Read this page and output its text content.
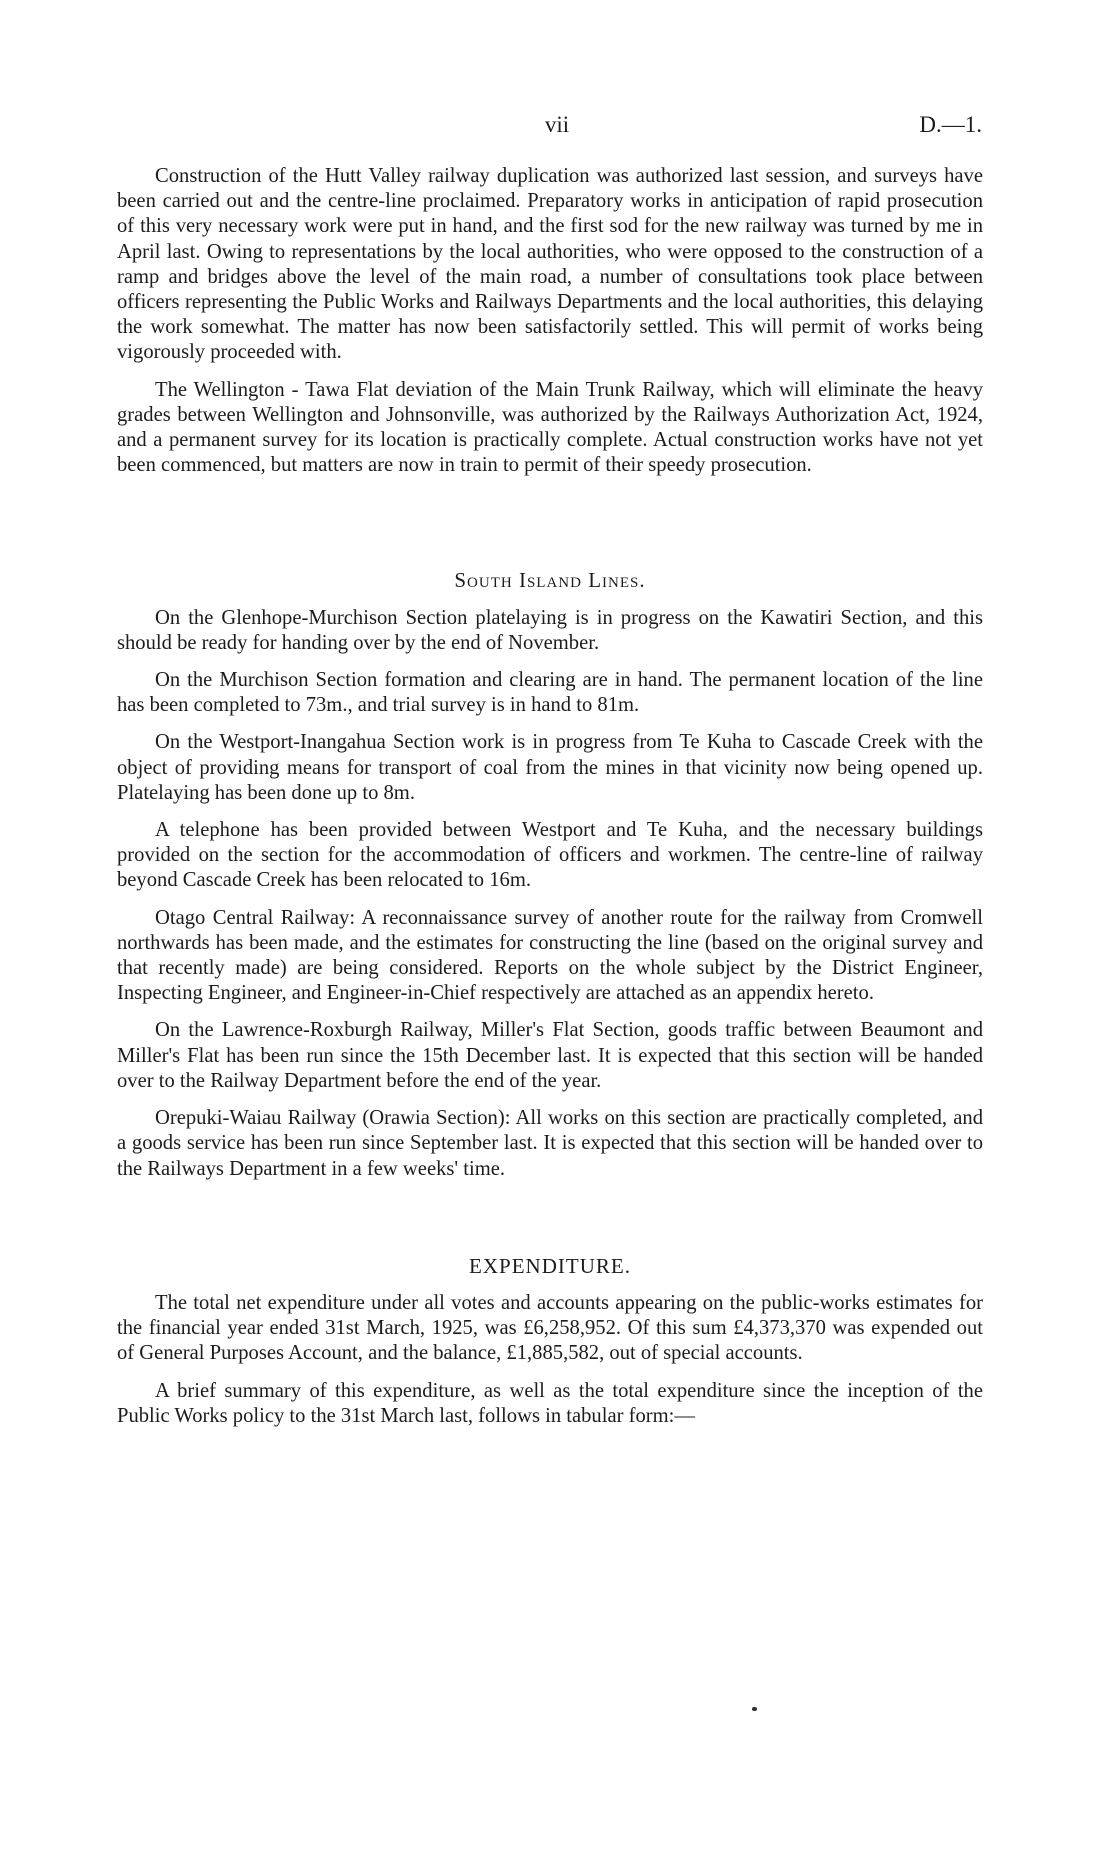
vii	D.—1.

Construction of the Hutt Valley railway duplication was authorized last session, and surveys have been carried out and the centre-line proclaimed. Preparatory works in anticipation of rapid prosecution of this very necessary work were put in hand, and the first sod for the new railway was turned by me in April last. Owing to representations by the local authorities, who were opposed to the construction of a ramp and bridges above the level of the main road, a number of consultations took place between officers representing the Public Works and Railways Departments and the local authorities, this delaying the work somewhat. The matter has now been satisfactorily settled. This will permit of works being vigorously proceeded with.

The Wellington - Tawa Flat deviation of the Main Trunk Railway, which will eliminate the heavy grades between Wellington and Johnsonville, was authorized by the Railways Authorization Act, 1924, and a permanent survey for its location is practically complete. Actual construction works have not yet been commenced, but matters are now in train to permit of their speedy prosecution.

South Island Lines.

On the Glenhope-Murchison Section platelaying is in progress on the Kawatiri Section, and this should be ready for handing over by the end of November.

On the Murchison Section formation and clearing are in hand. The permanent location of the line has been completed to 73m., and trial survey is in hand to 81m.

On the Westport-Inangahua Section work is in progress from Te Kuha to Cascade Creek with the object of providing means for transport of coal from the mines in that vicinity now being opened up. Platelaying has been done up to 8m.

A telephone has been provided between Westport and Te Kuha, and the necessary buildings provided on the section for the accommodation of officers and workmen. The centre-line of railway beyond Cascade Creek has been relocated to 16m.

Otago Central Railway: A reconnaissance survey of another route for the railway from Cromwell northwards has been made, and the estimates for constructing the line (based on the original survey and that recently made) are being considered. Reports on the whole subject by the District Engineer, Inspecting Engineer, and Engineer-in-Chief respectively are attached as an appendix hereto.

On the Lawrence-Roxburgh Railway, Miller's Flat Section, goods traffic between Beaumont and Miller's Flat has been run since the 15th December last. It is expected that this section will be handed over to the Railway Department before the end of the year.

Orepuki-Waiau Railway (Orawia Section): All works on this section are practically completed, and a goods service has been run since September last. It is expected that this section will be handed over to the Railways Department in a few weeks' time.

EXPENDITURE.

The total net expenditure under all votes and accounts appearing on the public-works estimates for the financial year ended 31st March, 1925, was £6,258,952. Of this sum £4,373,370 was expended out of General Purposes Account, and the balance, £1,885,582, out of special accounts.

A brief summary of this expenditure, as well as the total expenditure since the inception of the Public Works policy to the 31st March last, follows in tabular form:—
